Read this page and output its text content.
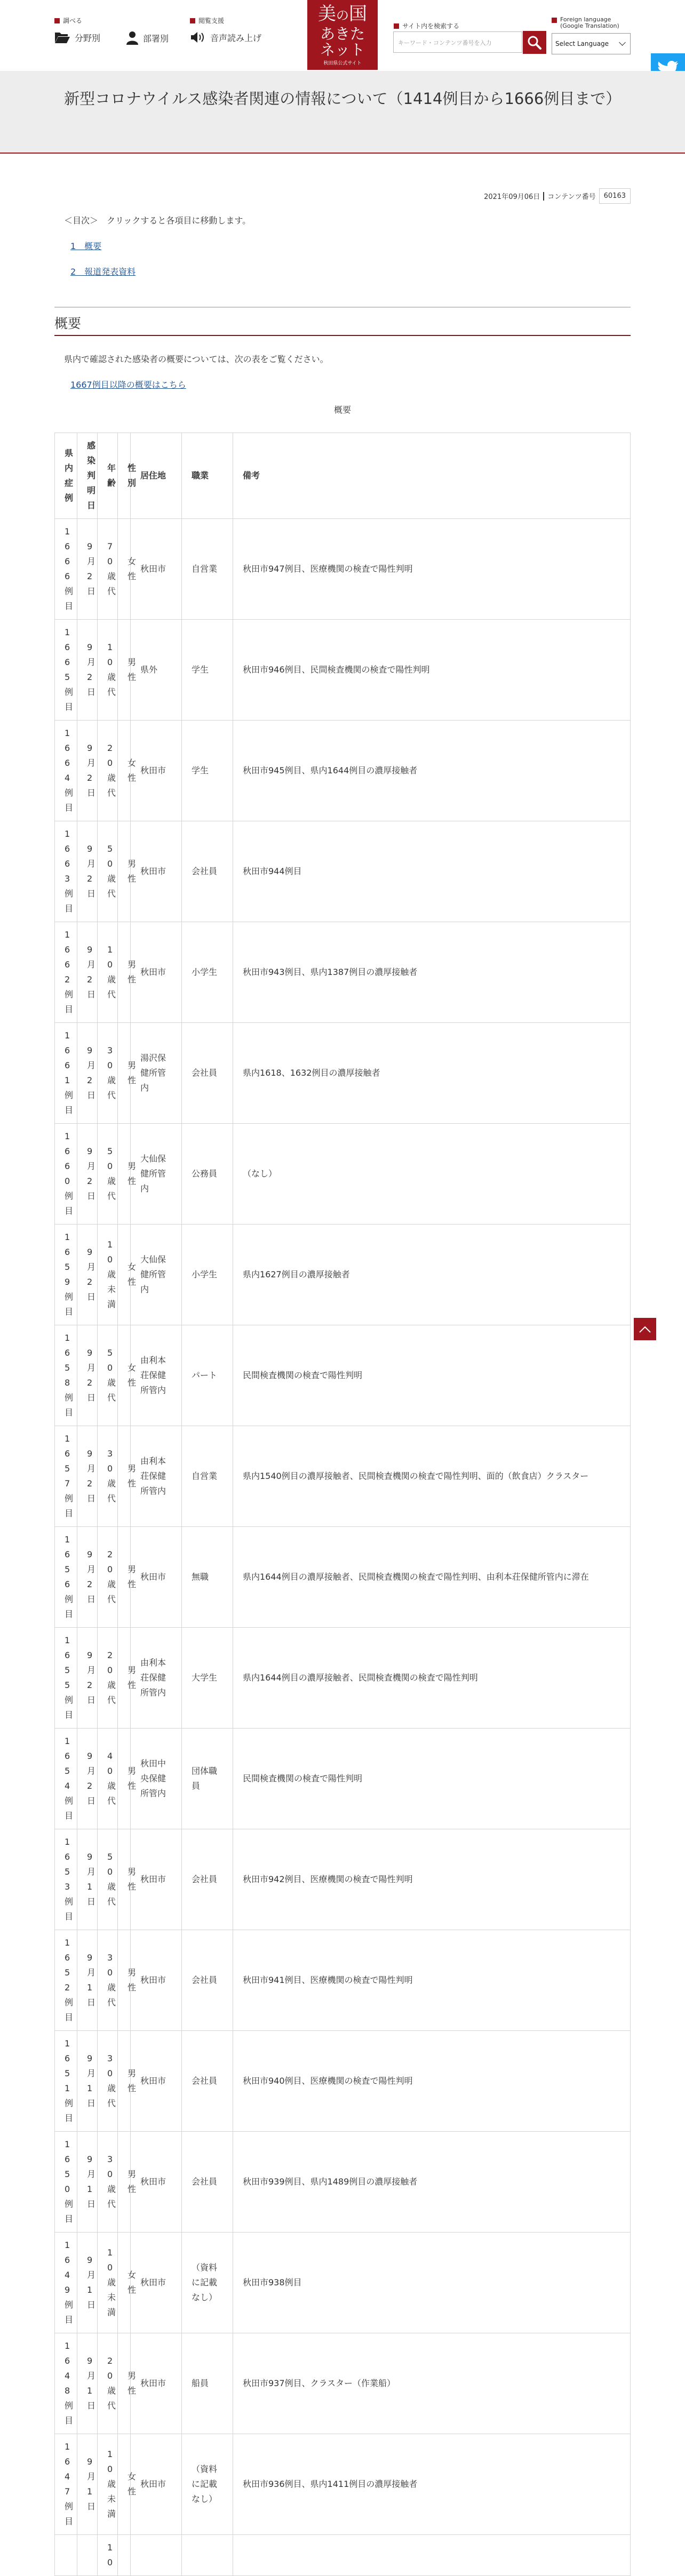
調べる	閲覧支援
分野別	部署別	音声読み上げ
美の国
あきた
ネット
秋田県公式サイト
サイト内を検索する
キーワード・コンテンツ番号を入力
Foreign language
(Google Translation)
Select Language
新型コロナウイルス感染者関連の情報について（1414例目から1666例目まで）
2021年09月06日 コンテンツ番号	60163
＜目次＞　クリックすると各項目に移動します。
1　概要
2　報道発表資料
概要
県内で確認された感染者の概要については、次の表をご覧ください。
1667例目以降の概要はこちら
概要
県内症例	感染判明日	年齢	性別	居住地	職業	備考
1666例目	9月2日	70歳代	女性	秋田市	自営業	秋田市947例目、医療機関の検査で陽性判明
1665例目	9月2日	10歳代	男性	県外	学生	秋田市946例目、民間検査機関の検査で陽性判明
1664例目	9月2日	20歳代	女性	秋田市	学生	秋田市945例目、県内1644例目の濃厚接触者
1663例目	9月2日	50歳代	男性	秋田市	会社員	秋田市944例目
1662例目	9月2日	10歳代	男性	秋田市	小学生	秋田市943例目、県内1387例目の濃厚接触者
1661例目	9月2日	30歳代	男性	湯沢保健所管内	会社員	県内1618、1632例目の濃厚接触者
1660例目	9月2日	50歳代	男性	大仙保健所管内	公務員	（なし）
1659例目	9月2日	10歳未満	女性	大仙保健所管内	小学生	県内1627例目の濃厚接触者
1658例目	9月2日	50歳代	女性	由利本荘保健所管内	パート	民間検査機関の検査で陽性判明
1657例目	9月2日	30歳代	男性	由利本荘保健所管内	自営業	県内1540例目の濃厚接触者、民間検査機関の検査で陽性判明、面的（飲食店）クラスター
1656例目	9月2日	20歳代	男性	秋田市	無職	県内1644例目の濃厚接触者、民間検査機関の検査で陽性判明、由利本荘保健所管内に滞在
1655例目	9月2日	20歳代	男性	由利本荘保健所管内	大学生	県内1644例目の濃厚接触者、民間検査機関の検査で陽性判明
1654例目	9月2日	40歳代	男性	秋田中央保健所管内	団体職員	民間検査機関の検査で陽性判明
1653例目	9月1日	50歳代	男性	秋田市	会社員	秋田市942例目、医療機関の検査で陽性判明
1652例目	9月1日	30歳代	男性	秋田市	会社員	秋田市941例目、医療機関の検査で陽性判明
1651例目	9月1日	30歳代	男性	秋田市	会社員	秋田市940例目、医療機関の検査で陽性判明
1650例目	9月1日	30歳代	男性	秋田市	会社員	秋田市939例目、県内1489例目の濃厚接触者
1649例目	9月1日	10歳未満	女性	秋田市	（資料に記載なし）	秋田市938例目
1648例目	9月1日	20歳代	男性	秋田市	船員	秋田市937例目、クラスター（作業船）
1647例目	9月1日	10歳未満	女性	秋田市	（資料に記載なし）	秋田市936例目、県内1411例目の濃厚接触者
		10				
